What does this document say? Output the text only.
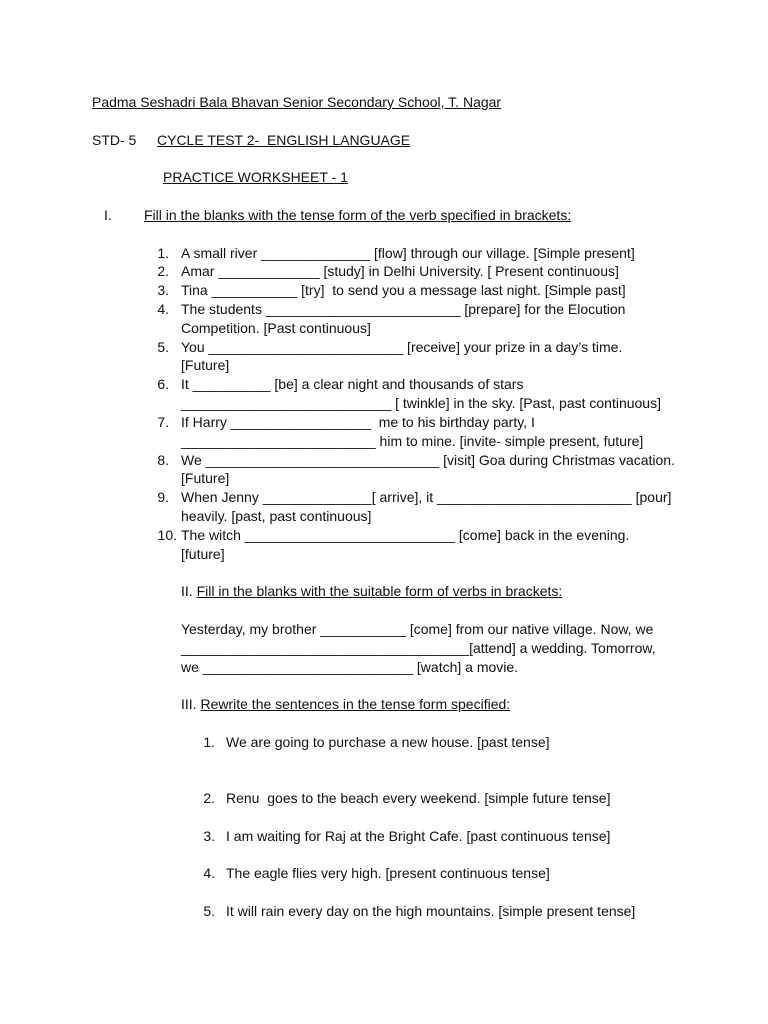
Padma Seshadri Bala Bhavan Senior Secondary School, T. Nagar
STD- 5 CYCLE TEST 2-  ENGLISH LANGUAGE
PRACTICE WORKSHEET - 1
I. Fill in the blanks with the tense form of the verb specified in brackets:
1. A small river ______________ [flow] through our village. [Simple present]
2. Amar _____________ [study] in Delhi University. [ Present continuous]
3. Tina ___________ [try]  to send you a message last night. [Simple past]
4. The students _________________________ [prepare] for the Elocution
Competition. [Past continuous]
5. You _________________________ [receive] your prize in a day’s time.
[Future]
6. It __________ [be] a clear night and thousands of stars
___________________________ [ twinkle] in the sky. [Past, past continuous]
7. If Harry __________________  me to his birthday party, I
_________________________ him to mine. [invite- simple present, future]
8. We ______________________________ [visit] Goa during Christmas vacation.
[Future]
9. When Jenny ______________[ arrive], it _________________________ [pour]
heavily. [past, past continuous]
10. The witch ___________________________ [come] back in the evening.
[future]
II. Fill in the blanks with the suitable form of verbs in brackets:
Yesterday, my brother ___________ [come] from our native village. Now, we
_____________________________________[attend] a wedding. Tomorrow,
we ___________________________ [watch] a movie.
III. Rewrite the sentences in the tense form specified:
1. We are going to purchase a new house. [past tense]
2. Renu  goes to the beach every weekend. [simple future tense]
3. I am waiting for Raj at the Bright Cafe. [past continuous tense]
4. The eagle flies very high. [present continuous tense]
5. It will rain every day on the high mountains. [simple present tense]
